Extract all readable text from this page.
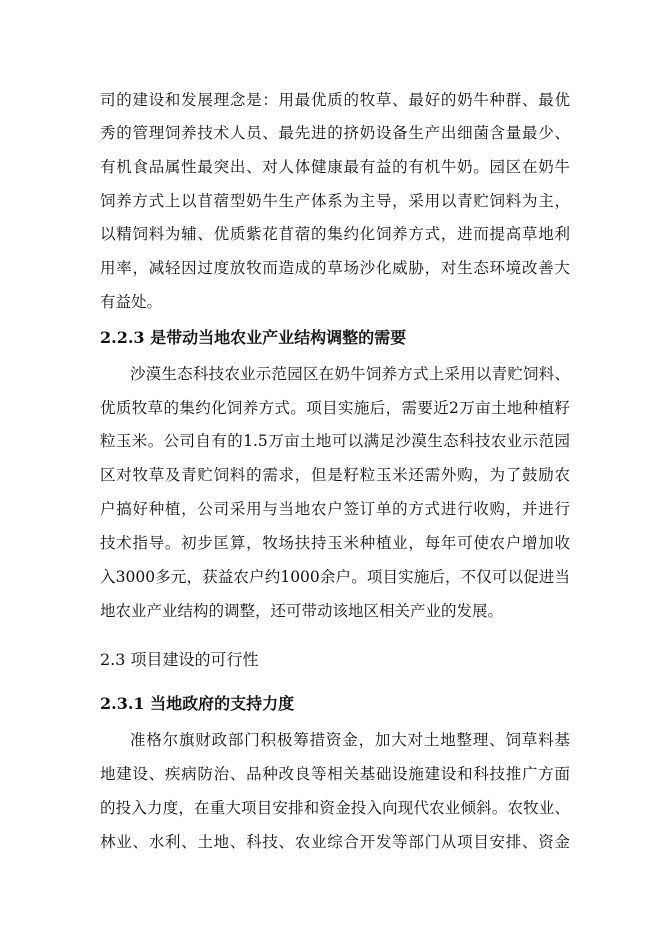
司的建设和发展理念是：用最优质的牧草、最好的奶牛种群、最优
秀的管理饲养技术人员、最先进的挤奶设备生产出细菌含量最少、
有机食品属性最突出、对人体健康最有益的有机牛奶。园区在奶牛
饲养方式上以苜蓿型奶牛生产体系为主导，采用以青贮饲料为主，
以精饲料为辅、优质紫花苜蓿的集约化饲养方式，进而提高草地利
用率，减轻因过度放牧而造成的草场沙化威胁，对生态环境改善大
有益处。
2.2.3 是带动当地农业产业结构调整的需要
沙漠生态科技农业示范园区在奶牛饲养方式上采用以青贮饲料、
优质牧草的集约化饲养方式。项目实施后，需要近2万亩土地种植籽
粒玉米。公司自有的1.5万亩土地可以满足沙漠生态科技农业示范园
区对牧草及青贮饲料的需求，但是籽粒玉米还需外购，为了鼓励农
户搞好种植，公司采用与当地农户签订单的方式进行收购，并进行
技术指导。初步匡算，牧场扶持玉米种植业，每年可使农户增加收
入3000多元，获益农户约1000余户。项目实施后，不仅可以促进当
地农业产业结构的调整，还可带动该地区相关产业的发展。
2.3 项目建设的可行性
2.3.1 当地政府的支持力度
准格尔旗财政部门积极筹措资金，加大对土地整理、饲草料基
地建设、疾病防治、品种改良等相关基础设施建设和科技推广方面
的投入力度，在重大项目安排和资金投入向现代农业倾斜。农牧业、
林业、水利、土地、科技、农业综合开发等部门从项目安排、资金
